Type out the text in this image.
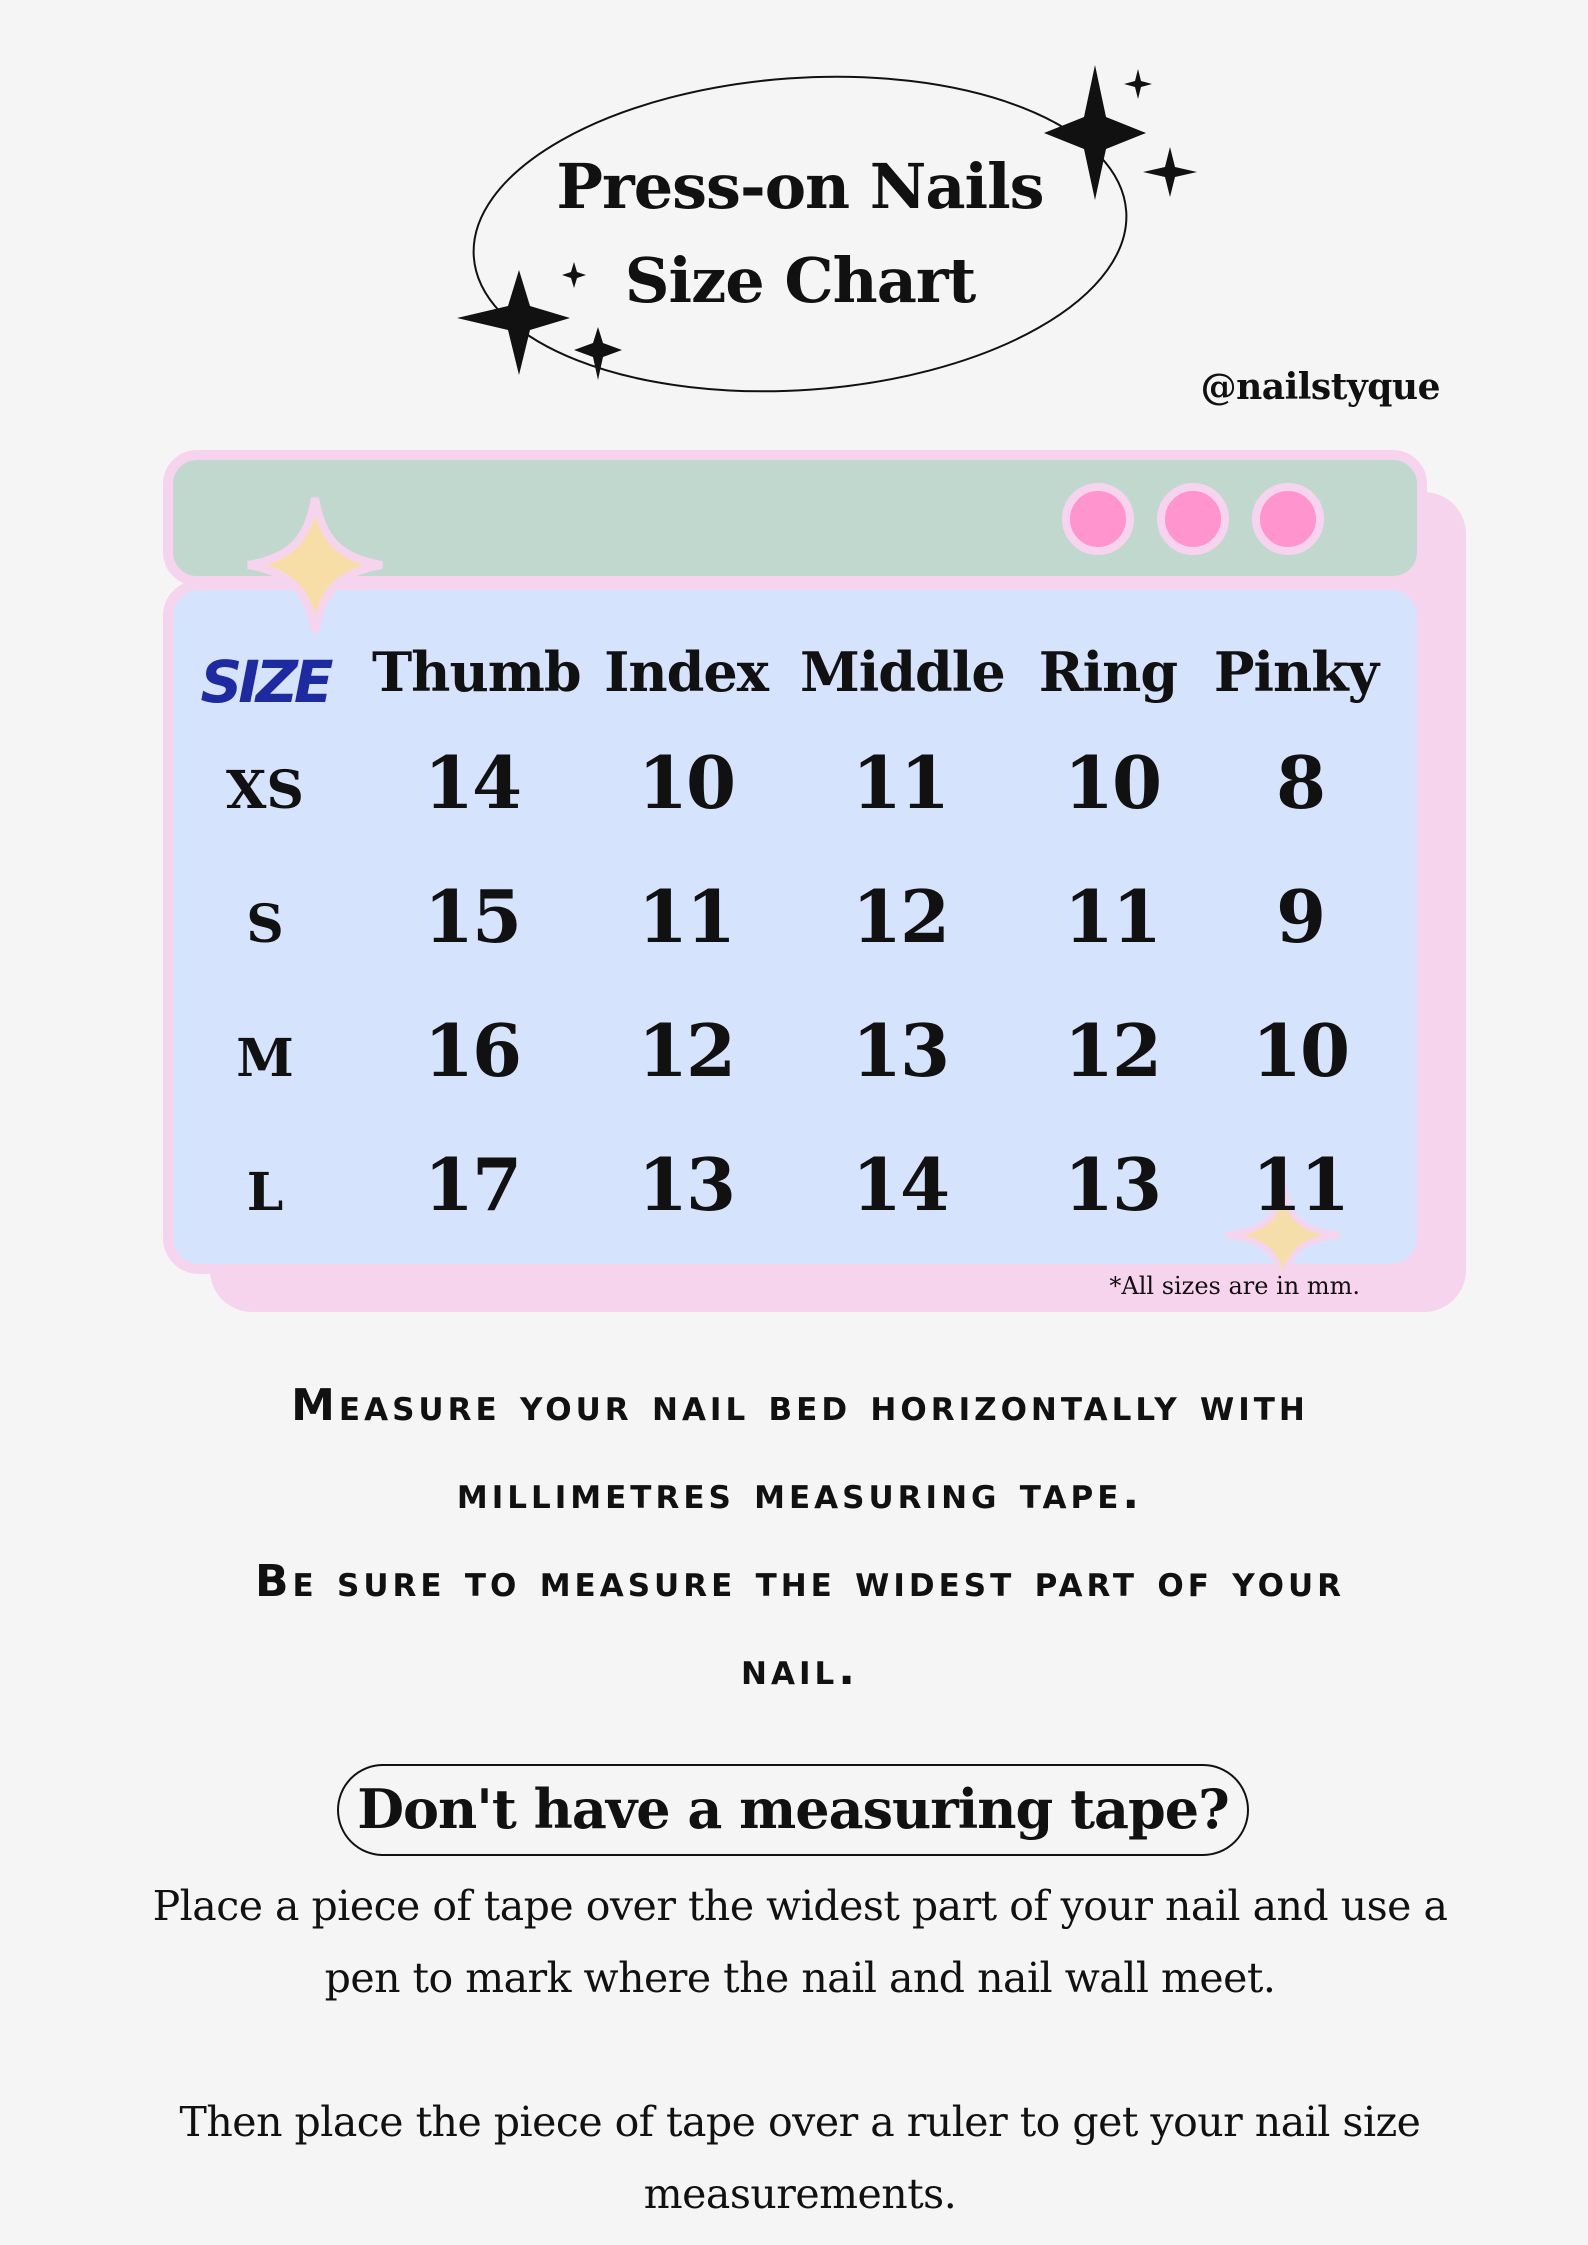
Press-on Nails
Size Chart
@nailstyque
SIZE Thumb Index Middle Ring Pinky
XS	14	10	11	10	8
S	15	11	12	11	9
M	16	12	13	12	10
L	17	13	14	13	11
*All sizes are in mm.
Measure your nail bed horizontally with
millimetres measuring tape.
Be sure to measure the widest part of your
nail.
Don't have a measuring tape?
Place a piece of tape over the widest part of your nail and use a
pen to mark where the nail and nail wall meet.
Then place the piece of tape over a ruler to get your nail size
measurements.
